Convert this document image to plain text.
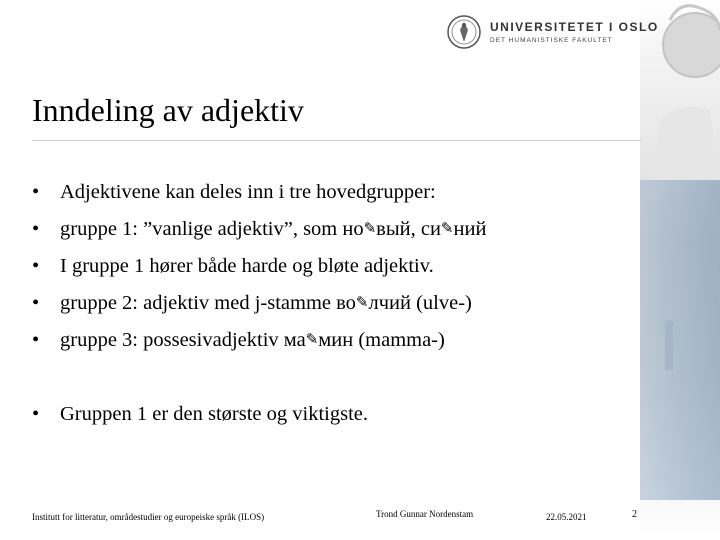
UNIVERSITETET I OSLO
DET HUMANISTISKE FAKULTET
Inndeling av adjektiv
• Adjektivene kan deles inn i tre hovedgrupper:
• gruppe 1: ”vanlige adjektiv”, som но✎вый, си✎ний
• I gruppe 1 hører både harde og bløte adjektiv.
• gruppe 2: adjektiv med j-stamme во✎лчий (ulve-)
• gruppe 3: possesivadjektiv ма✎мин (mamma-)
• Gruppen 1 er den største og viktigste.
Institutt for litteratur, områdestudier og europeiske språk (ILOS)	Trond Gunnar Nordenstam	22.05.2021	2
